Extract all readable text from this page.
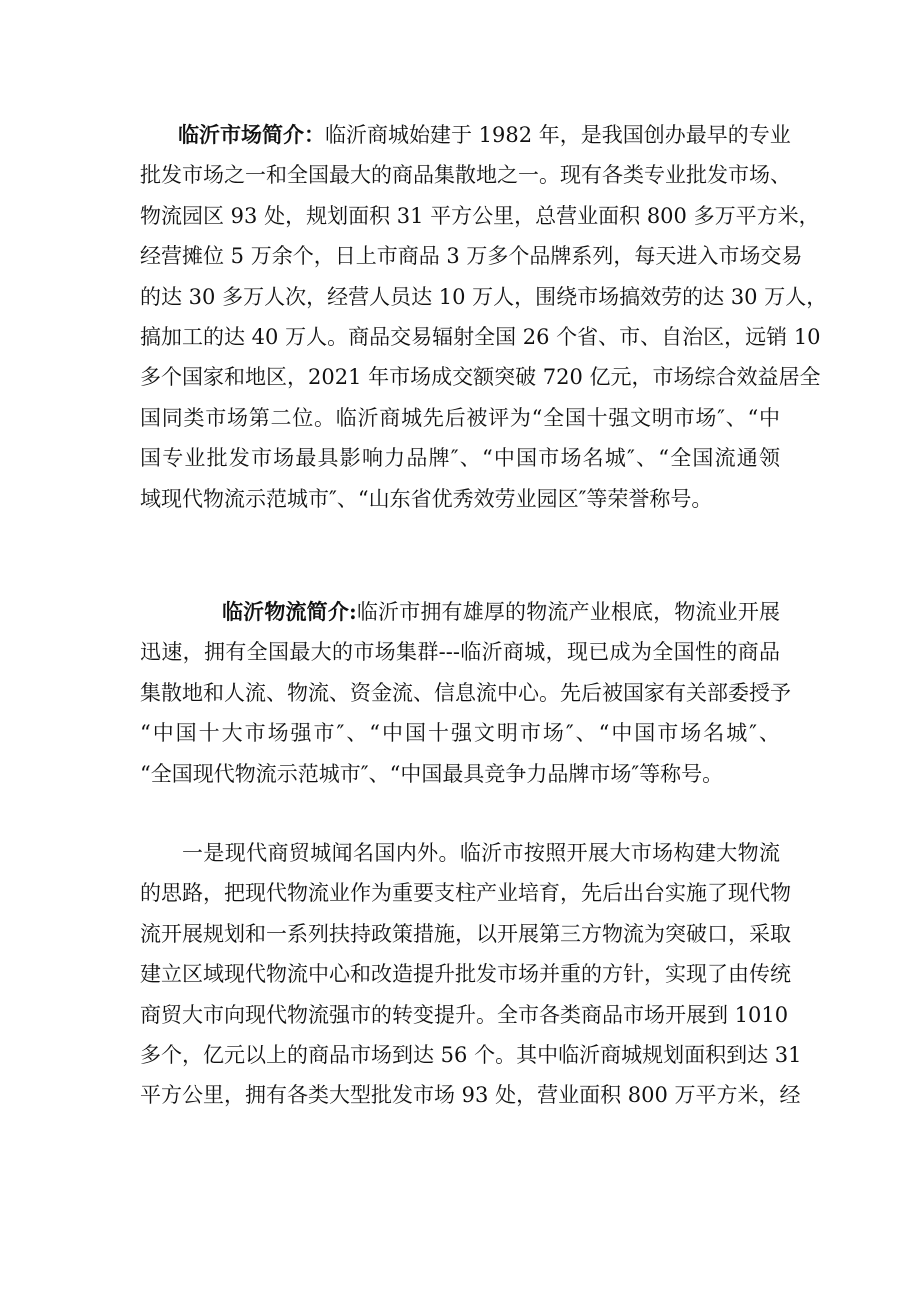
临沂市场简介：临沂商城始建于 1982 年，是我国创办最早的专业
批发市场之一和全国最大的商品集散地之一。现有各类专业批发市场、
物流园区 93 处，规划面积 31 平方公里，总营业面积 800 多万平方米，
经营摊位 5 万余个，日上市商品 3 万多个品牌系列，每天进入市场交易
的达 30 多万人次，经营人员达 10 万人，围绕市场搞效劳的达 30 万人，
搞加工的达 40 万人。商品交易辐射全国 26 个省、市、自治区，远销 10
多个国家和地区，2021 年市场成交额突破 720 亿元，市场综合效益居全
国同类市场第二位。临沂商城先后被评为“全国十强文明市场″、“中
国专业批发市场最具影响力品牌″、“中国市场名城″、“全国流通领
域现代物流示范城市″、“山东省优秀效劳业园区″等荣誉称号。
临沂物流简介:临沂市拥有雄厚的物流产业根底，物流业开展
迅速，拥有全国最大的市场集群---临沂商城，现已成为全国性的商品
集散地和人流、物流、资金流、信息流中心。先后被国家有关部委授予
“中国十大市场强市″、“中国十强文明市场″、“中国市场名城″、
“全国现代物流示范城市″、“中国最具竞争力品牌市场″等称号。
一是现代商贸城闻名国内外。临沂市按照开展大市场构建大物流
的思路，把现代物流业作为重要支柱产业培育，先后出台实施了现代物
流开展规划和一系列扶持政策措施，以开展第三方物流为突破口，采取
建立区域现代物流中心和改造提升批发市场并重的方针，实现了由传统
商贸大市向现代物流强市的转变提升。全市各类商品市场开展到 1010
多个，亿元以上的商品市场到达 56 个。其中临沂商城规划面积到达 31
平方公里，拥有各类大型批发市场 93 处，营业面积 800 万平方米，经
